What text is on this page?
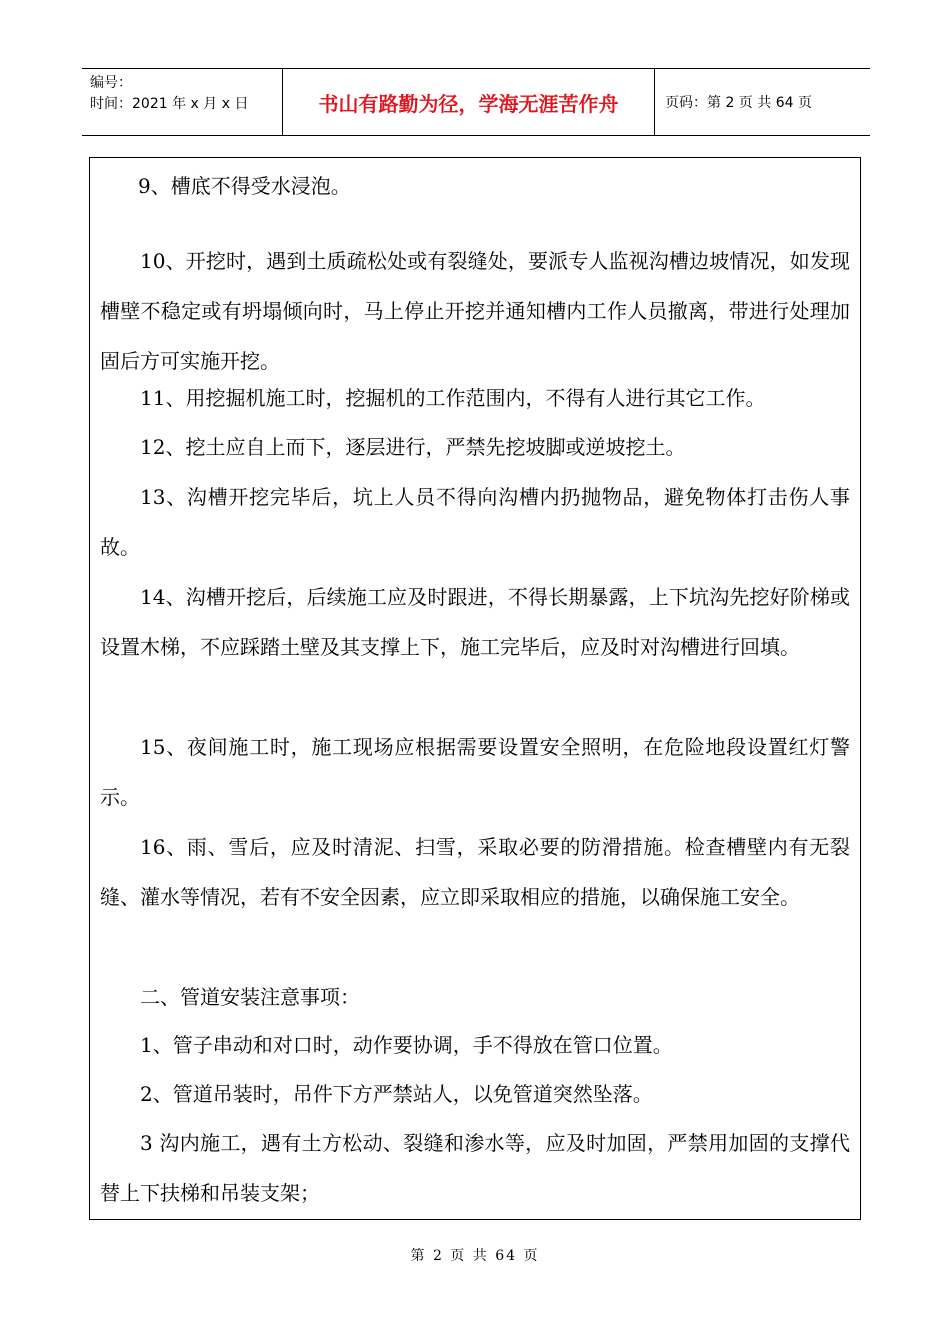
编号：
时间：2021 年 x 月 x 日	书山有路勤为径，学海无涯苦作舟	页码：第 2 页 共 64 页

9、槽底不得受水浸泡。

10、开挖时，遇到土质疏松处或有裂缝处，要派专人监视沟槽边坡情况，如发现槽壁不稳定或有坍塌倾向时，马上停止开挖并通知槽内工作人员撤离，带进行处理加固后方可实施开挖。

11、用挖掘机施工时，挖掘机的工作范围内，不得有人进行其它工作。

12、挖土应自上而下，逐层进行，严禁先挖坡脚或逆坡挖土。

13、沟槽开挖完毕后，坑上人员不得向沟槽内扔抛物品，避免物体打击伤人事故。

14、沟槽开挖后，后续施工应及时跟进，不得长期暴露，上下坑沟先挖好阶梯或设置木梯，不应踩踏土壁及其支撑上下，施工完毕后，应及时对沟槽进行回填。

15、夜间施工时，施工现场应根据需要设置安全照明，在危险地段设置红灯警示。

16、雨、雪后，应及时清泥、扫雪，采取必要的防滑措施。检查槽壁内有无裂缝、灌水等情况，若有不安全因素，应立即采取相应的措施，以确保施工安全。

二、管道安装注意事项：

1、管子串动和对口时，动作要协调，手不得放在管口位置。

2、管道吊装时，吊件下方严禁站人，以免管道突然坠落。

3 沟内施工，遇有土方松动、裂缝和渗水等，应及时加固，严禁用加固的支撑代替上下扶梯和吊装支架；

第 2 页 共 64 页
